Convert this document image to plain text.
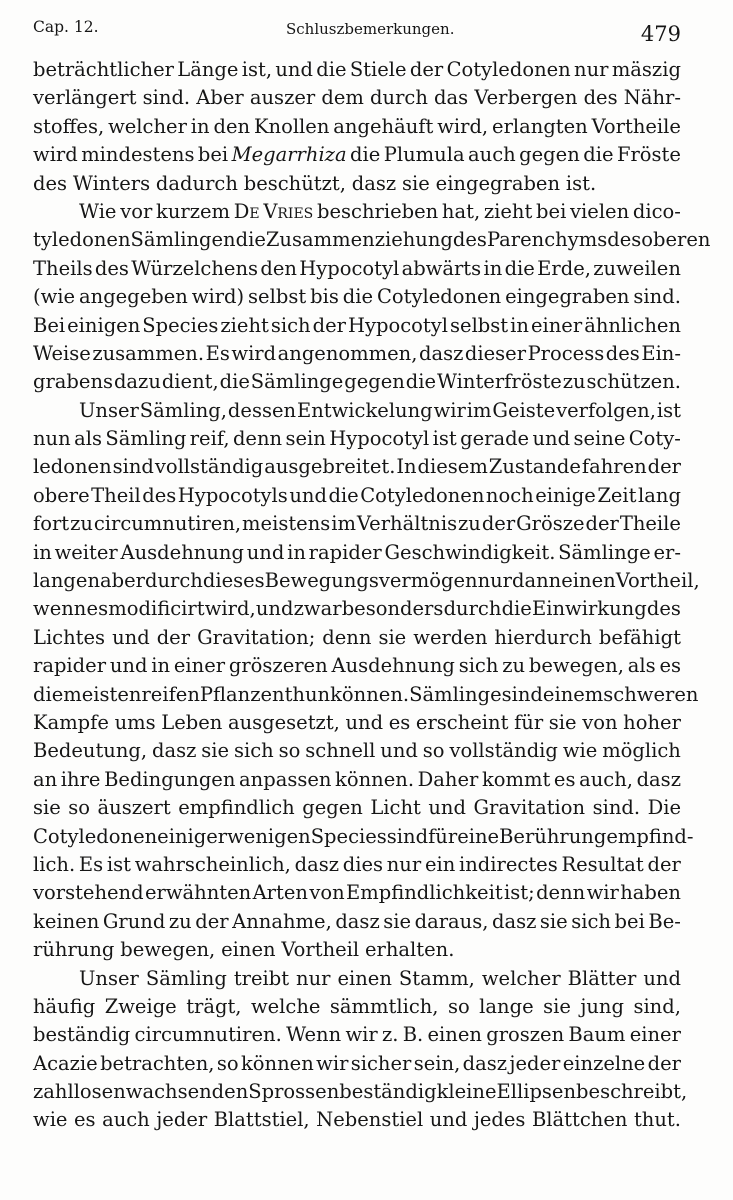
Cap. 12.	Schluszbemerkungen.	479
beträchtlicher Länge ist, und die Stiele der Cotyledonen nur mäszig
verlängert sind. Aber auszer dem durch das Verbergen des Nähr-
stoffes, welcher in den Knollen angehäuft wird, erlangten Vortheile
wird mindestens bei Megarrhiza die Plumula auch gegen die Fröste
des Winters dadurch beschützt, dasz sie eingegraben ist.
Wie vor kurzem De Vries beschrieben hat, zieht bei vielen dico-
tyledonen Sämlingen die Zusammenziehung des Parenchyms des oberen
Theils des Würzelchens den Hypocotyl abwärts in die Erde, zuweilen
(wie angegeben wird) selbst bis die Cotyledonen eingegraben sind.
Bei einigen Species zieht sich der Hypocotyl selbst in einer ähnlichen
Weise zusammen. Es wird angenommen, dasz dieser Process des Ein-
grabens dazu dient, die Sämlinge gegen die Winterfröste zu schützen.
Unser Sämling, dessen Entwickelung wir im Geiste verfolgen, ist
nun als Sämling reif, denn sein Hypocotyl ist gerade und seine Coty-
ledonen sind vollständig ausgebreitet. In diesem Zustande fahren der
obere Theil des Hypocotyls und die Cotyledonen noch einige Zeit lang
fort zu circumnutiren, meistens im Verhältnis zu der Grösze der Theile
in weiter Ausdehnung und in rapider Geschwindigkeit. Sämlinge er-
langen aber durch dieses Bewegungsvermögen nur dann einen Vortheil,
wenn es modificirt wird, und zwar besonders durch die Einwirkung des
Lichtes und der Gravitation; denn sie werden hierdurch befähigt
rapider und in einer gröszeren Ausdehnung sich zu bewegen, als es
die meisten reifen Pflanzen thun können. Sämlinge sind einem schweren
Kampfe ums Leben ausgesetzt, und es erscheint für sie von hoher
Bedeutung, dasz sie sich so schnell und so vollständig wie möglich
an ihre Bedingungen anpassen können. Daher kommt es auch, dasz
sie so äuszert empfindlich gegen Licht und Gravitation sind. Die
Cotyledonen einiger wenigen Species sind für eine Berührung empfind-
lich. Es ist wahrscheinlich, dasz dies nur ein indirectes Resultat der
vorstehend erwähnten Arten von Empfindlichkeit ist; denn wir haben
keinen Grund zu der Annahme, dasz sie daraus, dasz sie sich bei Be-
rührung bewegen, einen Vortheil erhalten.
Unser Sämling treibt nur einen Stamm, welcher Blätter und
häufig Zweige trägt, welche sämmtlich, so lange sie jung sind,
beständig circumnutiren. Wenn wir z. B. einen groszen Baum einer
Acazie betrachten, so können wir sicher sein, dasz jeder einzelne der
zahllosen wachsenden Sprossen beständig kleine Ellipsen beschreibt,
wie es auch jeder Blattstiel, Nebenstiel und jedes Blättchen thut.
